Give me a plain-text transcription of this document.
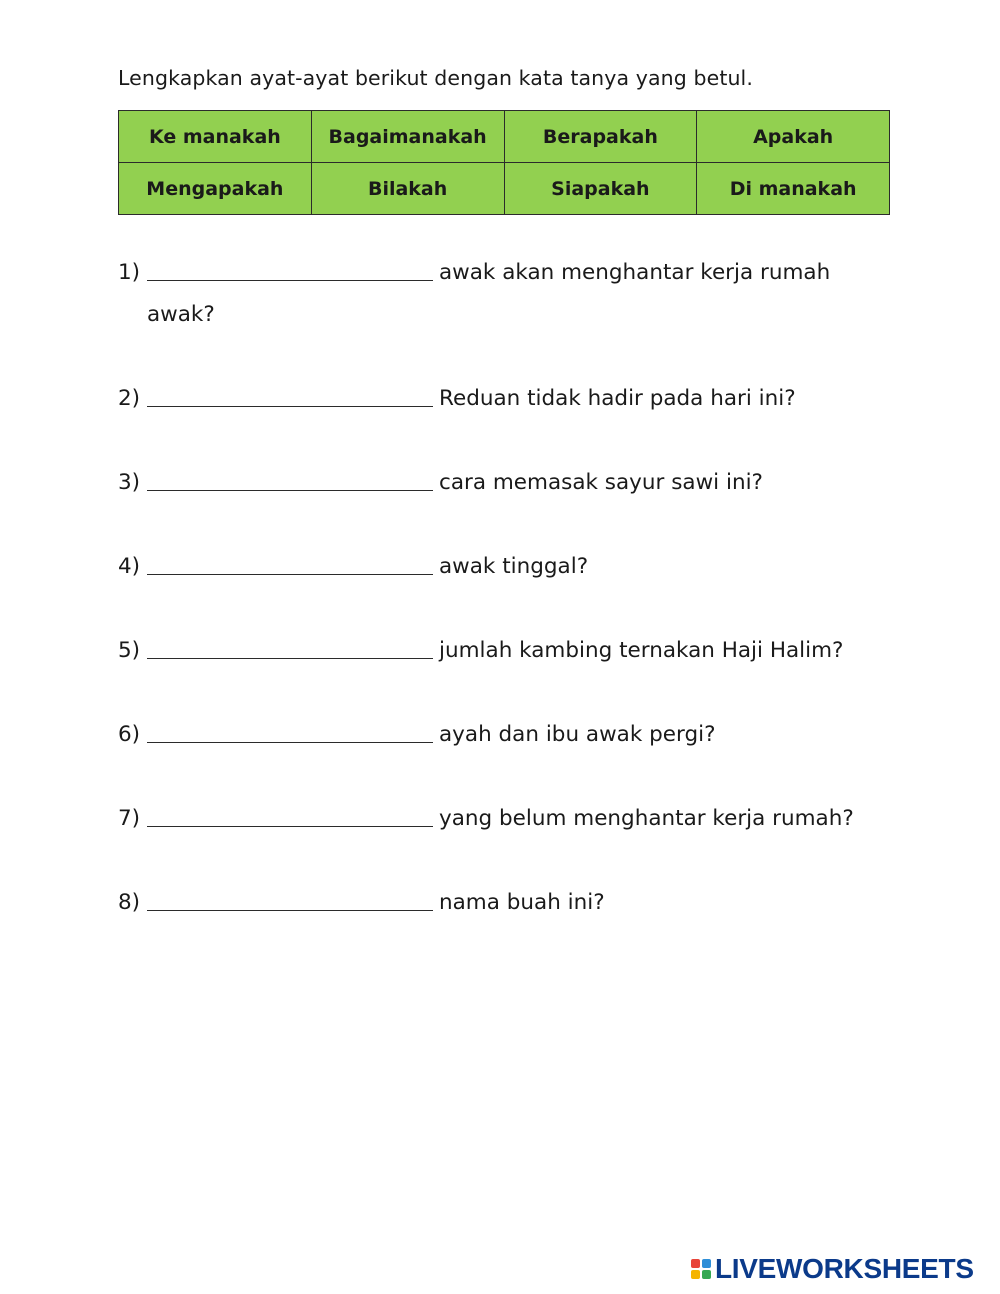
Lengkapkan ayat-ayat berikut dengan kata tanya yang betul.
Ke manakah	Bagaimanakah	Berapakah	Apakah
Mengapakah	Bilakah	Siapakah	Di manakah
1)	awak akan menghantar kerja rumah
awak?
2)	Reduan tidak hadir pada hari ini?
3)	cara memasak sayur sawi ini?
4)	awak tinggal?
5)	jumlah kambing ternakan Haji Halim?
6)	ayah dan ibu awak pergi?
7)	yang belum menghantar kerja rumah?
8)	nama buah ini?
LIVEWORKSHEETS
